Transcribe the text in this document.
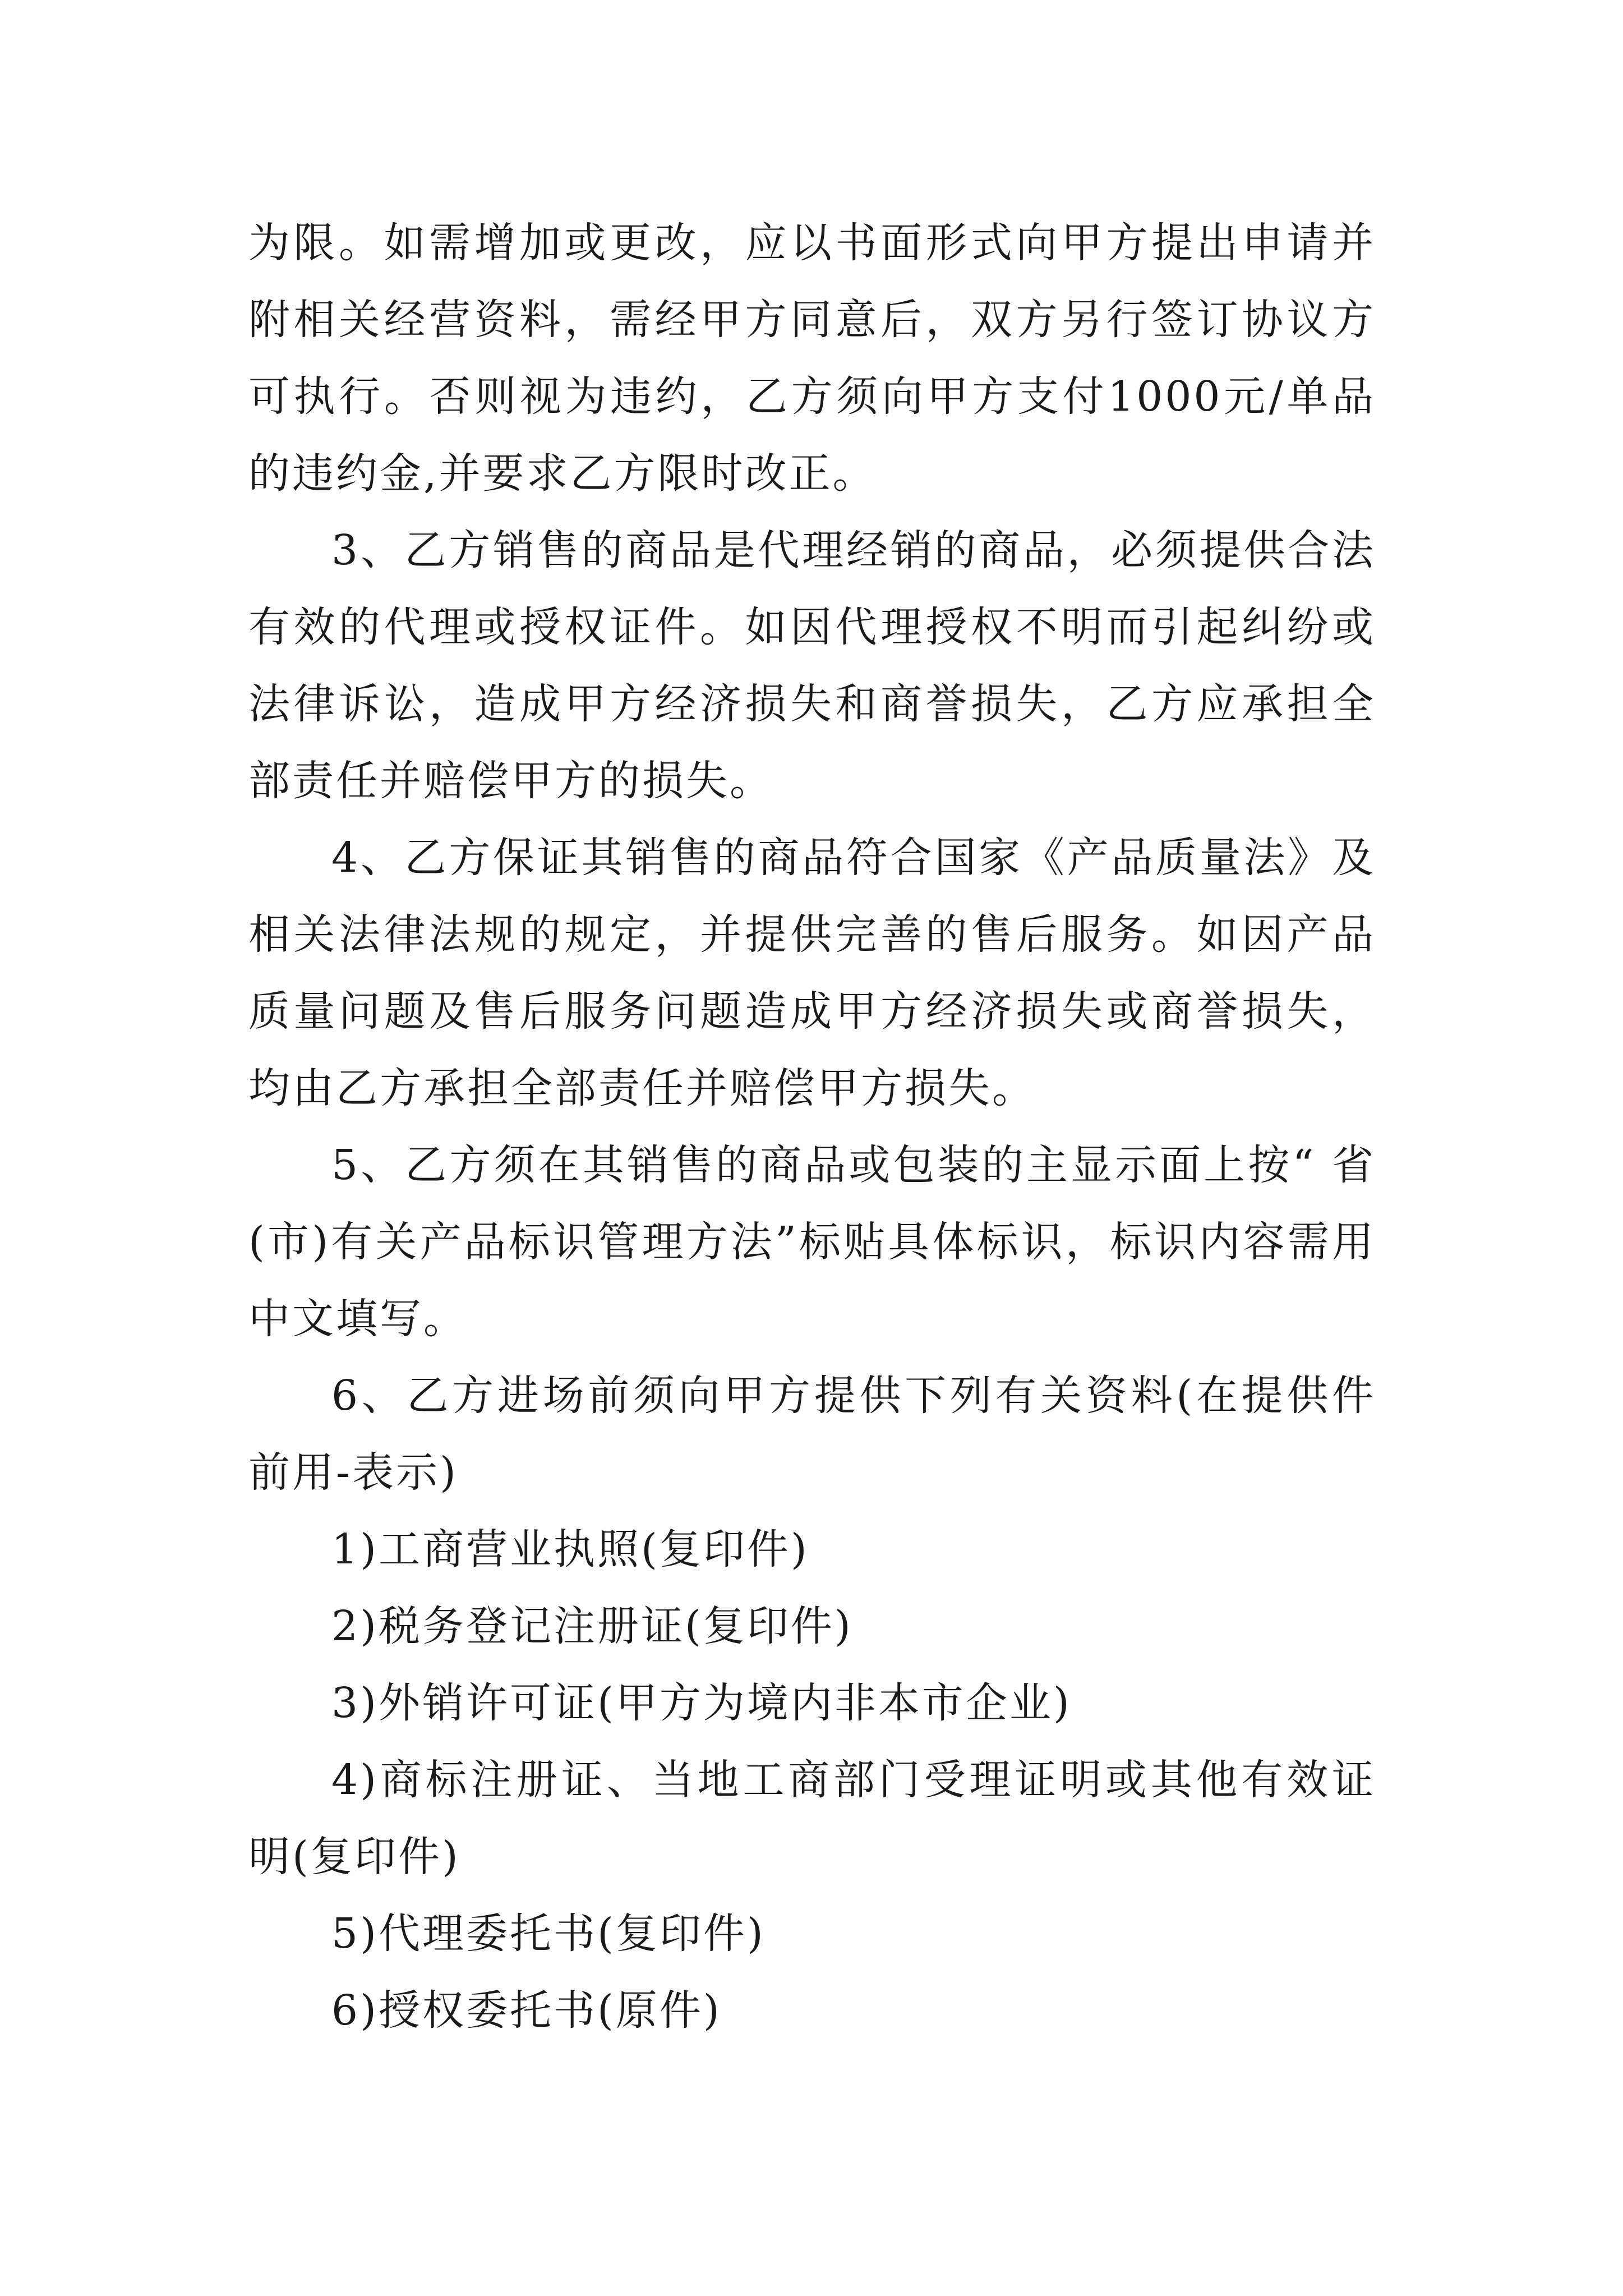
为限。如需增加或更改，应以书面形式向甲方提出申请并附相关经营资料，需经甲方同意后，双方另行签订协议方可执行。否则视为违约，乙方须向甲方支付1000元/单品的违约金,并要求乙方限时改正。

3、乙方销售的商品是代理经销的商品，必须提供合法有效的代理或授权证件。如因代理授权不明而引起纠纷或法律诉讼，造成甲方经济损失和商誉损失，乙方应承担全部责任并赔偿甲方的损失。

4、乙方保证其销售的商品符合国家《产品质量法》及相关法律法规的规定，并提供完善的售后服务。如因产品质量问题及售后服务问题造成甲方经济损失或商誉损失，均由乙方承担全部责任并赔偿甲方损失。

5、乙方须在其销售的商品或包装的主显示面上按“ 省(市)有关产品标识管理方法”标贴具体标识，标识内容需用中文填写。

6、乙方进场前须向甲方提供下列有关资料(在提供件前用-表示)

1)工商营业执照(复印件)

2)税务登记注册证(复印件)

3)外销许可证(甲方为境内非本市企业)

4)商标注册证、当地工商部门受理证明或其他有效证明(复印件)

5)代理委托书(复印件)

6)授权委托书(原件)
